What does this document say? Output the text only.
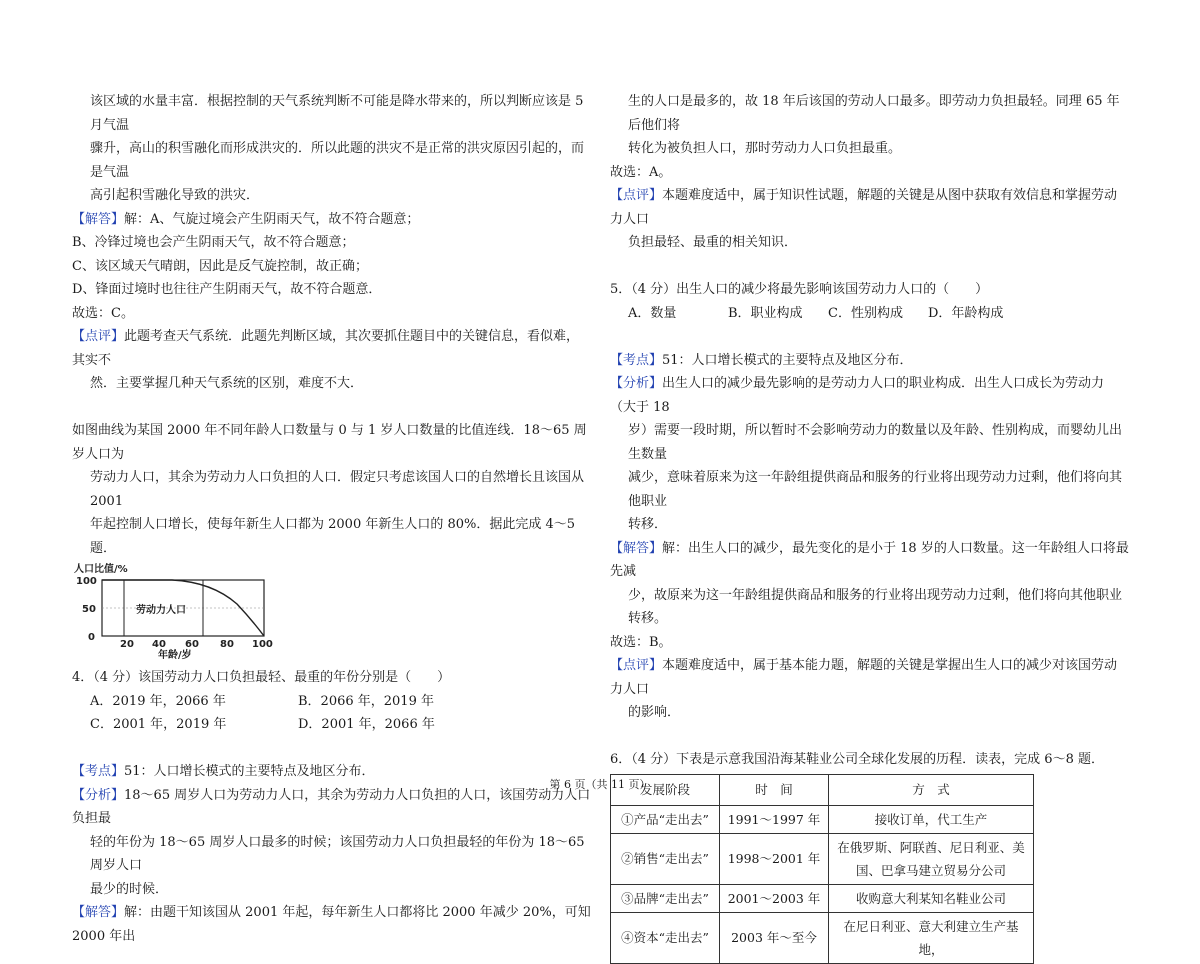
该区域的水量丰富．根据控制的天气系统判断不可能是降水带来的，所以判断应该是 5 月气温

骤升，高山的积雪融化而形成洪灾的．所以此题的洪灾不是正常的洪灾原因引起的，而是气温

高引起积雪融化导致的洪灾．

【解答】解：A、气旋过境会产生阴雨天气，故不符合题意；

B、冷锋过境也会产生阴雨天气，故不符合题意；

C、该区域天气晴朗，因此是反气旋控制，故正确；

D、锋面过境时也往往产生阴雨天气，故不符合题意．

故选：C。

【点评】此题考查天气系统．此题先判断区域，其次要抓住题目中的关键信息，看似难，其实不

然．主要掌握几种天气系统的区别，难度不大．

如图曲线为某国 2000 年不同年龄人口数量与 0 与 1 岁人口数量的比值连线．18～65 周岁人口为

劳动力人口，其余为劳动力人口负担的人口．假定只考虑该国人口的自然增长且该国从 2001

年起控制人口增长，使每年新生人口都为 2000 年新生人口的 80%．据此完成 4～5 题．

人口比值/%
劳动力人口
100
50
0
20 40 60 80 100
年龄/岁

4．（4 分）该国劳动力人口负担最轻、最重的年份分别是（　　）

A．2019 年，2066 年	B．2066 年，2019 年
C．2001 年，2019 年	D．2001 年，2066 年

【考点】51：人口增长模式的主要特点及地区分布．

【分析】18～65 周岁人口为劳动力人口，其余为劳动力人口负担的人口，该国劳动力人口负担最

轻的年份为 18～65 周岁人口最多的时候；该国劳动力人口负担最轻的年份为 18～65 周岁人口

最少的时候．

【解答】解：由题干知该国从 2001 年起，每年新生人口都将比 2000 年减少 20%，可知 2000 年出

生的人口是最多的，故 18 年后该国的劳动人口最多。即劳动力负担最轻。同理 65 年后他们将

转化为被负担人口，那时劳动力人口负担最重。

故选：A。

【点评】本题难度适中，属于知识性试题，解题的关键是从图中获取有效信息和掌握劳动力人口

负担最轻、最重的相关知识．

5．（4 分）出生人口的减少将最先影响该国劳动力人口的（　　）

A．数量	B．职业构成	C．性别构成	D．年龄构成

【考点】51：人口增长模式的主要特点及地区分布．

【分析】出生人口的减少最先影响的是劳动力人口的职业构成．出生人口成长为劳动力（大于 18

岁）需要一段时期，所以暂时不会影响劳动力的数量以及年龄、性别构成，而婴幼儿出生数量

减少，意味着原来为这一年龄组提供商品和服务的行业将出现劳动力过剩，他们将向其他职业

转移．

【解答】解：出生人口的减少，最先变化的是小于 18 岁的人口数量。这一年龄组人口将最先减

少，故原来为这一年龄组提供商品和服务的行业将出现劳动力过剩，他们将向其他职业转移。

故选：B。

【点评】本题难度适中，属于基本能力题，解题的关键是掌握出生人口的减少对该国劳动力人口

的影响．

6．（4 分）下表是示意我国沿海某鞋业公司全球化发展的历程．读表，完成 6～8 题．

发展阶段	时　间	方　式
①产品“走出去”	1991～1997 年	接收订单，代工生产
②销售“走出去”	1998～2001 年	在俄罗斯、阿联酋、尼日利亚、美国、巴拿马建立贸易分公司
③品牌“走出去”	2001～2003 年	收购意大利某知名鞋业公司
④资本“走出去”	2003 年～至今	在尼日利亚、意大利建立生产基地，
第 6 页（共 11 页）
